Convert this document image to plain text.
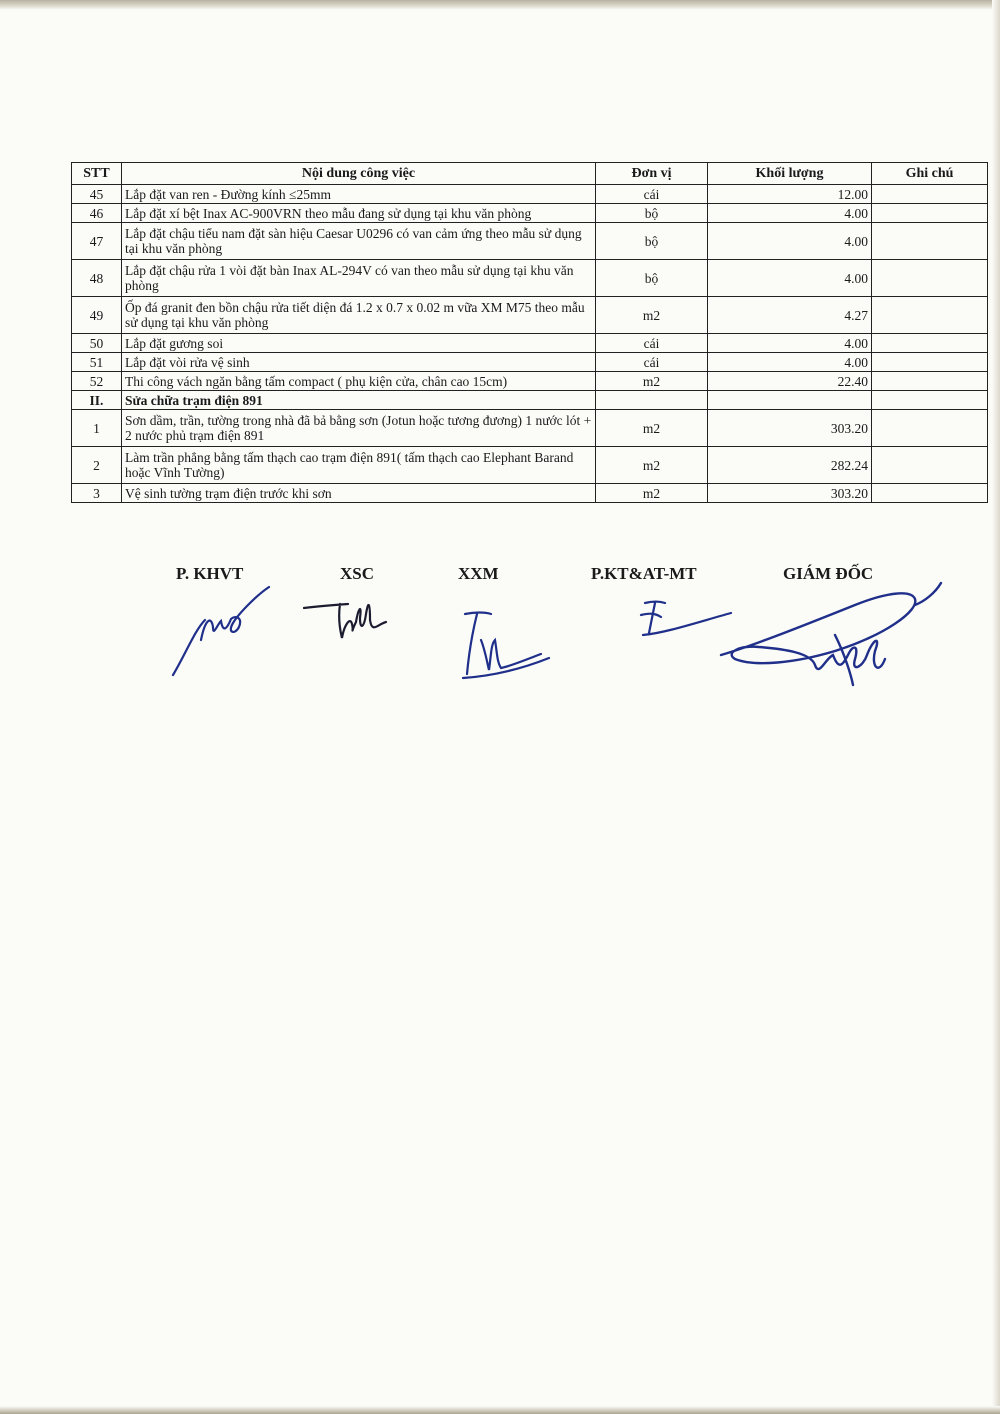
STT	Nội dung công việc	Đơn vị	Khối lượng	Ghi chú
45	Lắp đặt van ren - Đường kính ≤25mm	cái	12.00	
46	Lắp đặt xí bệt Inax AC-900VRN theo mẫu đang sử dụng tại khu văn phòng	bộ	4.00	
47	Lắp đặt chậu tiểu nam đặt sàn hiệu Caesar U0296 có van cảm ứng theo mẫu sử dụng tại khu văn phòng	bộ	4.00	
48	Lắp đặt chậu rửa 1 vòi đặt bàn Inax AL-294V có van theo mẫu sử dụng tại khu văn phòng	bộ	4.00	
49	Ốp đá granit đen bồn chậu rửa tiết diện đá 1.2 x 0.7 x 0.02 m vữa XM M75 theo mẫu sử dụng tại khu văn phòng	m2	4.27	
50	Lắp đặt gương soi	cái	4.00	
51	Lắp đặt vòi rửa vệ sinh	cái	4.00	
52	Thi công vách ngăn bằng tấm compact ( phụ kiện cửa, chân cao 15cm)	m2	22.40	
II.	Sửa chữa trạm điện 891			
1	Sơn dầm, trần, tường trong nhà đã bả bằng sơn (Jotun hoặc tương đương) 1 nước lót + 2 nước phủ trạm điện 891	m2	303.20	
2	Làm trần phẳng bằng tấm thạch cao trạm điện 891( tấm thạch cao Elephant Barand hoặc Vĩnh Tường)	m2	282.24	
3	Vệ sinh tường trạm điện trước khi sơn	m2	303.20	
P. KHVT	XSC	XXM	P.KT&AT-MT	GIÁM ĐỐC
